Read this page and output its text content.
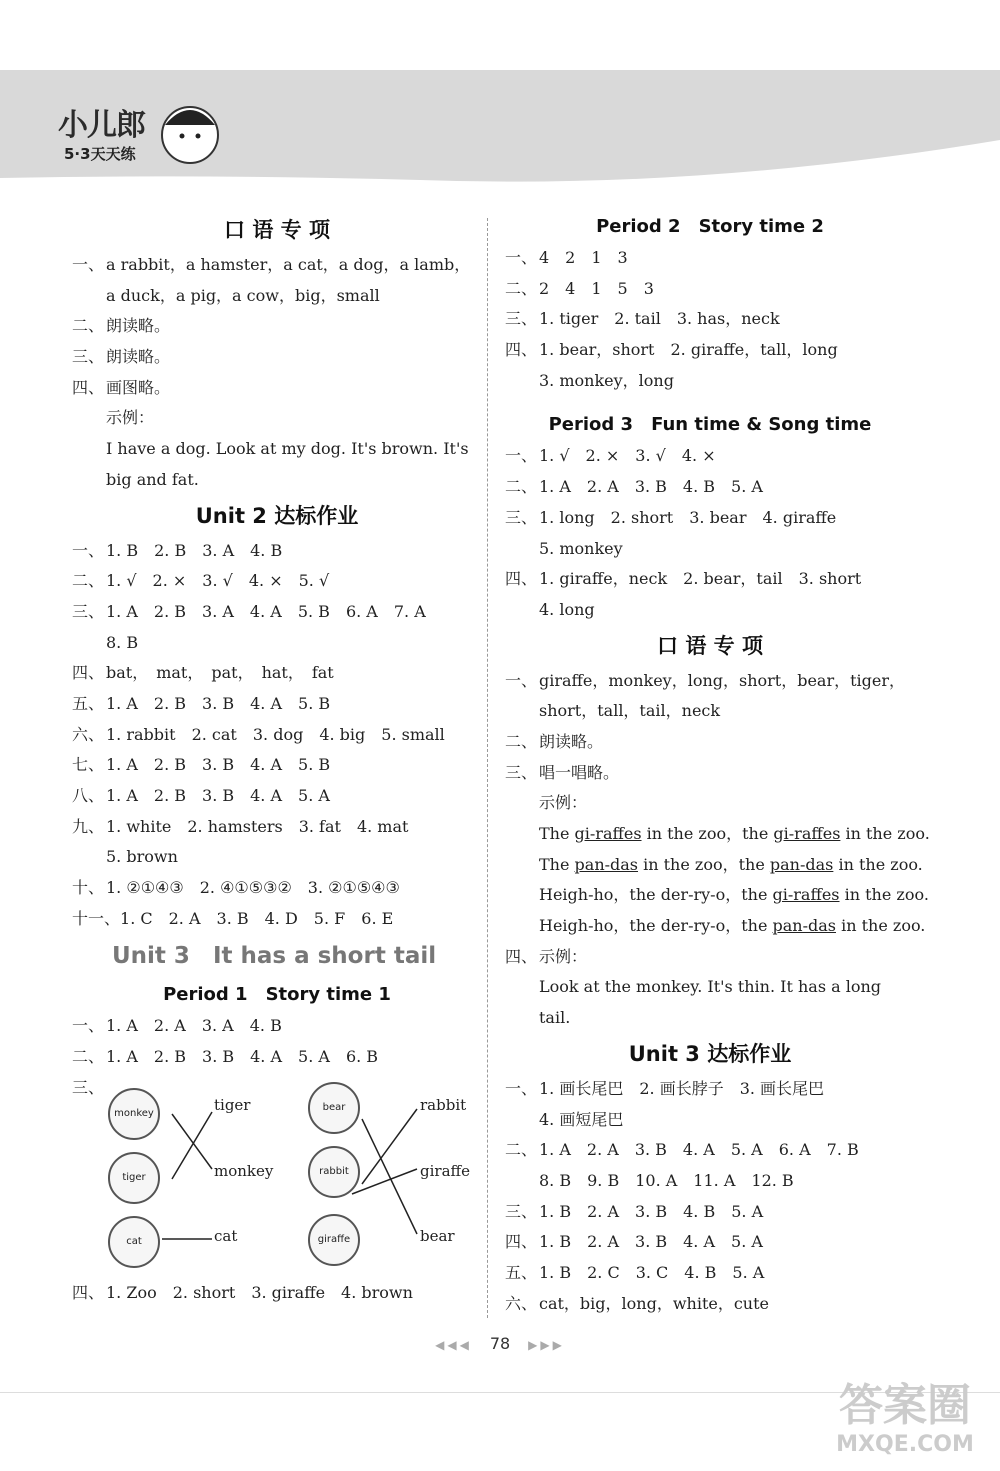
小儿郎
5·3天天练
口 语 专 项
一、 a rabbit，a hamster，a cat，a dog，a lamb，
a duck，a pig，a cow，big，small
二、 朗读略。
三、 朗读略。
四、 画图略。
示例：
I have a dog. Look at my dog. It's brown. It's
big and fat.
Unit 2 达标作业
一、 1. B　2. B　3. A　4. B
二、 1. √　2. ×　3. √　4. ×　5. √
三、 1. A　2. B　3. A　4. A　5. B　6. A　7. A
8. B
四、 bat，　mat，　pat，　hat，　fat
五、 1. A　2. B　3. B　4. A　5. B
六、 1. rabbit　2. cat　3. dog　4. big　5. small
七、 1. A　2. B　3. B　4. A　5. B
八、 1. A　2. B　3. B　4. A　5. A
九、 1. white　2. hamsters　3. fat　4. mat
5. brown
十、 1. ②①④③　2. ④①⑤③②　3. ②①⑤④③
十一、1. C　2. A　3. B　4. D　5. F　6. E
Unit 3　It has a short tail
Period 1　Story time 1
一、 1. A　2. A　3. A　4. B
二、 1. A　2. B　3. B　4. A　5. A　6. B
三、
monkey
tiger
cat
tiger
monkey
cat
bear
rabbit
giraffe
rabbit
giraffe
bear
四、 1. Zoo　2. short　3. giraffe　4. brown
Period 2　Story time 2
一、 4　2　1　3
二、 2　4　1　5　3
三、 1. tiger　2. tail　3. has，neck
四、 1. bear，short　2. giraffe，tall，long
3. monkey，long
Period 3　Fun time & Song time
一、 1. √　2. ×　3. √　4. ×
二、 1. A　2. A　3. B　4. B　5. A
三、 1. long　2. short　3. bear　4. giraffe
5. monkey
四、 1. giraffe，neck　2. bear，tail　3. short
4. long
口 语 专 项
一、 giraffe，monkey，long，short，bear，tiger，
short，tall，tail，neck
二、 朗读略。
三、 唱一唱略。
示例：
The gi-raffes in the zoo，the gi-raffes in the zoo.
The pan-das in the zoo，the pan-das in the zoo.
Heigh-ho，the der-ry-o，the gi-raffes in the zoo.
Heigh-ho，the der-ry-o，the pan-das in the zoo.
四、 示例：
Look at the monkey. It's thin. It has a long
tail.
Unit 3 达标作业
一、 1. 画长尾巴　2. 画长脖子　3. 画长尾巴
4. 画短尾巴
二、 1. A　2. A　3. B　4. A　5. A　6. A　7. B
8. B　9. B　10. A　11. A　12. B
三、 1. B　2. A　3. B　4. B　5. A
四、 1. B　2. A　3. B　4. A　5. A
五、 1. B　2. C　3. C　4. B　5. A
六、 cat，big，long，white，cute
◀◀◀ 78 ▶▶▶
答案圈
MXQE.COM
